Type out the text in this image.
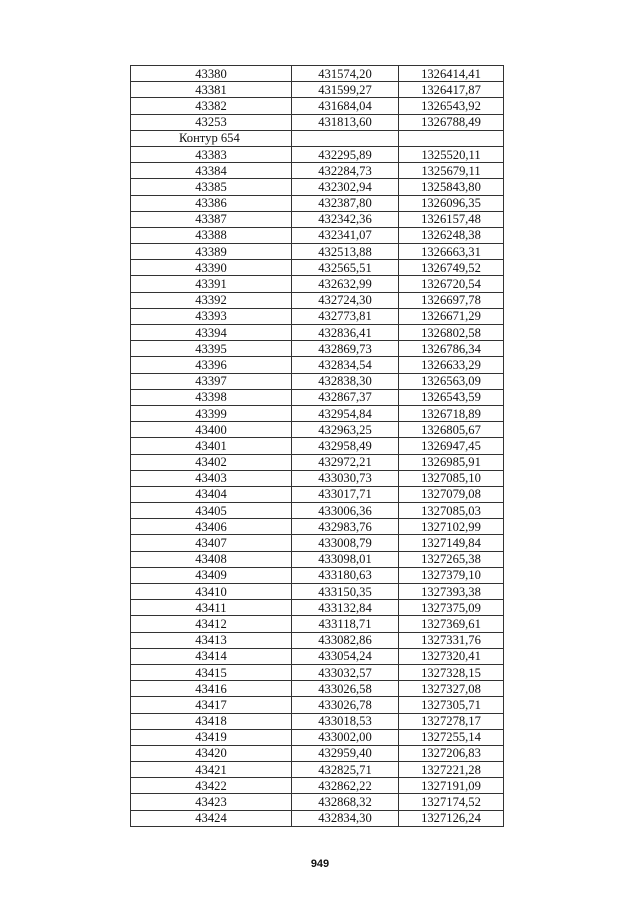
43380	431574,20	1326414,41
43381	431599,27	1326417,87
43382	431684,04	1326543,92
43253	431813,60	1326788,49
Контур 654		
43383	432295,89	1325520,11
43384	432284,73	1325679,11
43385	432302,94	1325843,80
43386	432387,80	1326096,35
43387	432342,36	1326157,48
43388	432341,07	1326248,38
43389	432513,88	1326663,31
43390	432565,51	1326749,52
43391	432632,99	1326720,54
43392	432724,30	1326697,78
43393	432773,81	1326671,29
43394	432836,41	1326802,58
43395	432869,73	1326786,34
43396	432834,54	1326633,29
43397	432838,30	1326563,09
43398	432867,37	1326543,59
43399	432954,84	1326718,89
43400	432963,25	1326805,67
43401	432958,49	1326947,45
43402	432972,21	1326985,91
43403	433030,73	1327085,10
43404	433017,71	1327079,08
43405	433006,36	1327085,03
43406	432983,76	1327102,99
43407	433008,79	1327149,84
43408	433098,01	1327265,38
43409	433180,63	1327379,10
43410	433150,35	1327393,38
43411	433132,84	1327375,09
43412	433118,71	1327369,61
43413	433082,86	1327331,76
43414	433054,24	1327320,41
43415	433032,57	1327328,15
43416	433026,58	1327327,08
43417	433026,78	1327305,71
43418	433018,53	1327278,17
43419	433002,00	1327255,14
43420	432959,40	1327206,83
43421	432825,71	1327221,28
43422	432862,22	1327191,09
43423	432868,32	1327174,52
43424	432834,30	1327126,24
949
